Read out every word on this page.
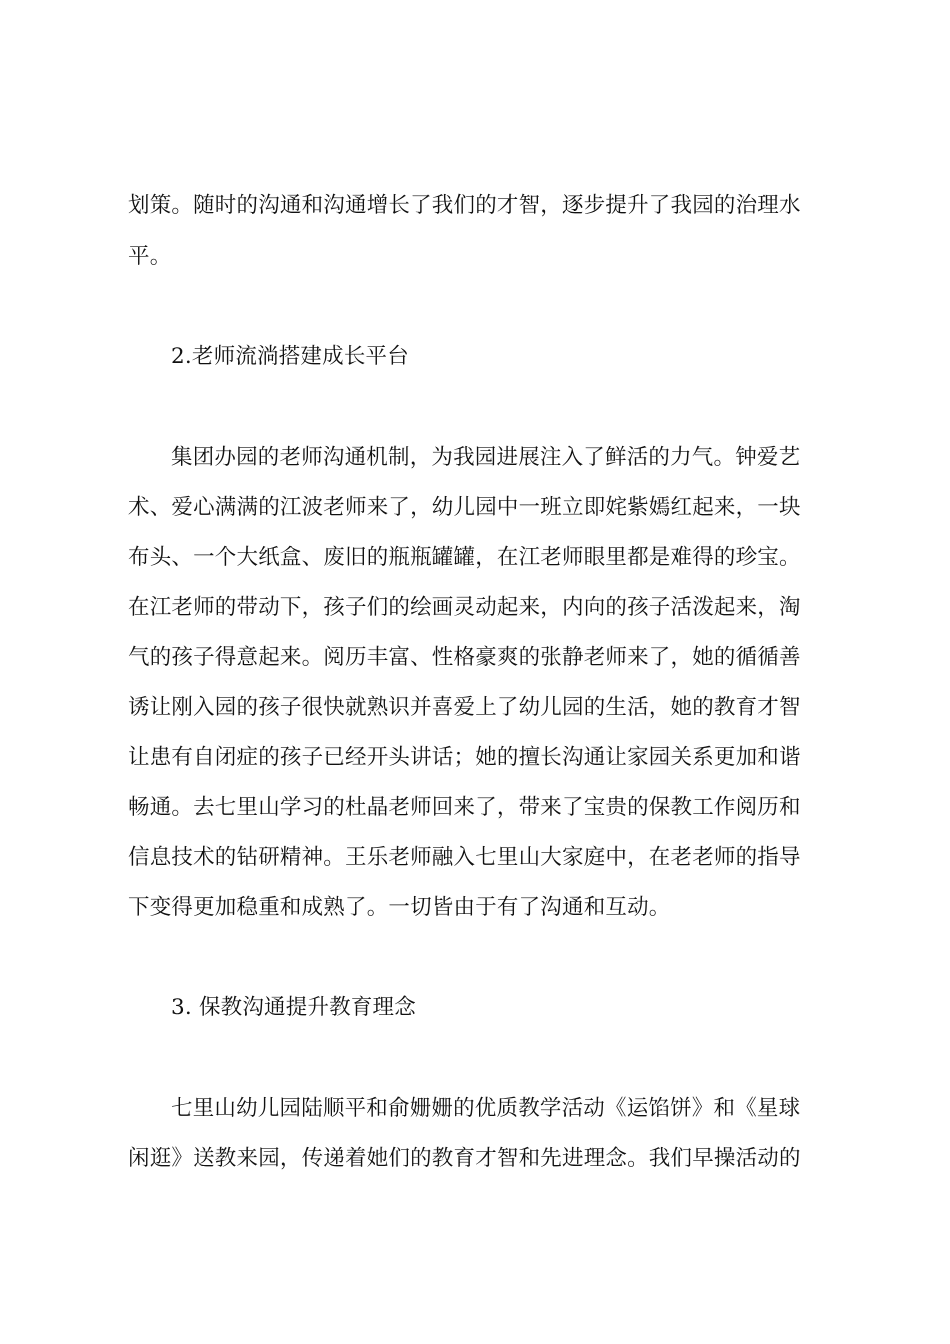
划策。随时的沟通和沟通增长了我们的才智，逐步提升了我园的治理水
平。
2.老师流淌搭建成长平台
集团办园的老师沟通机制，为我园进展注入了鲜活的力气。钟爱艺
术、爱心满满的江波老师来了，幼儿园中一班立即姹紫嫣红起来，一块
布头、一个大纸盒、废旧的瓶瓶罐罐，在江老师眼里都是难得的珍宝。
在江老师的带动下，孩子们的绘画灵动起来，内向的孩子活泼起来，淘
气的孩子得意起来。阅历丰富、性格豪爽的张静老师来了，她的循循善
诱让刚入园的孩子很快就熟识并喜爱上了幼儿园的生活，她的教育才智
让患有自闭症的孩子已经开头讲话；她的擅长沟通让家园关系更加和谐
畅通。去七里山学习的杜晶老师回来了，带来了宝贵的保教工作阅历和
信息技术的钻研精神。王乐老师融入七里山大家庭中，在老老师的指导
下变得更加稳重和成熟了。一切皆由于有了沟通和互动。
3. 保教沟通提升教育理念
七里山幼儿园陆顺平和俞姗姗的优质教学活动《运馅饼》和《星球
闲逛》送教来园，传递着她们的教育才智和先进理念。我们早操活动的
